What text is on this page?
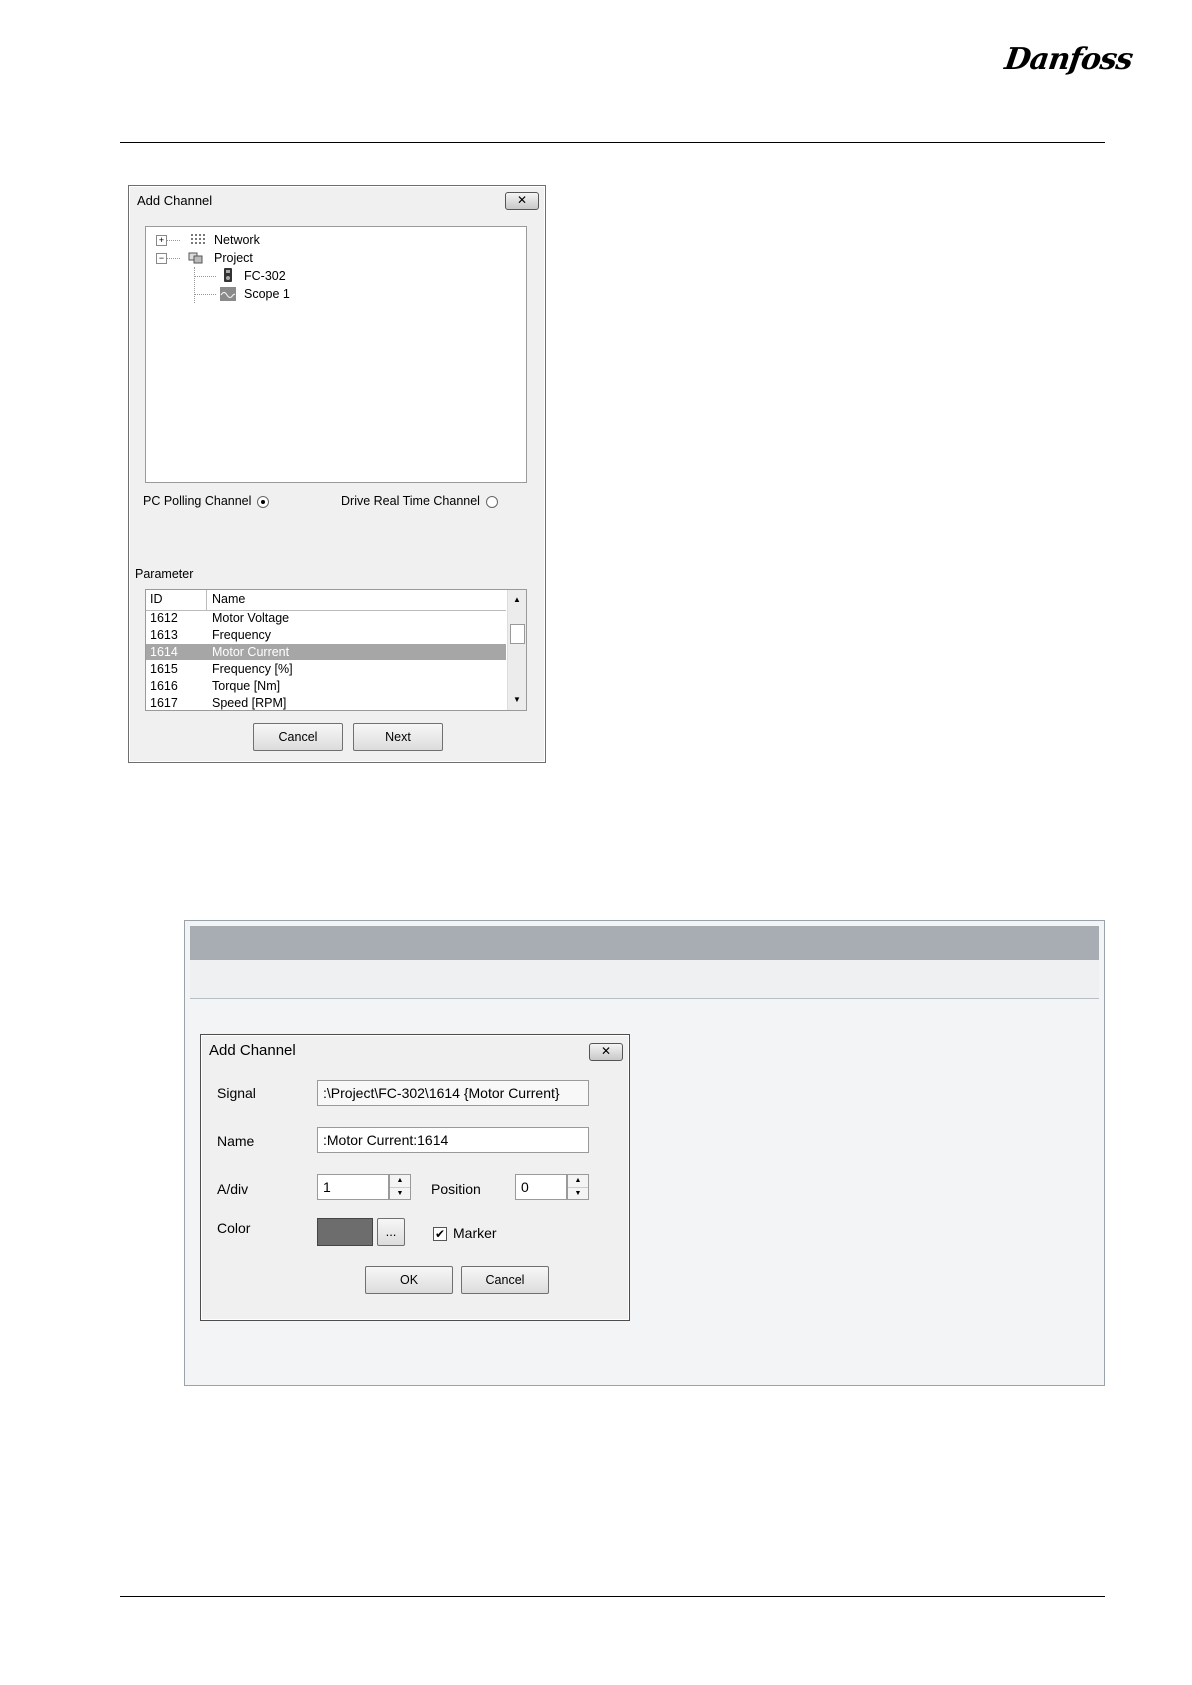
Danfoss
Add Channel	✕
+	Network
−	Project
FC-302
Scope 1
PC Polling Channel	Drive Real Time Channel
Parameter
ID	Name
1612	Motor Voltage
1613	Frequency
1614	Motor Current
1615	Frequency [%]
1616	Torque [Nm]
1617	Speed [RPM]
▲
▼
Cancel	Next
Add Channel	✕
Signal	:\Project\FC-302\1614 {Motor Current}
Name	:Motor Current:1614
A/div	1	▲
▼	Position	0	▲
▼
Color	...	✔ Marker
OK	Cancel
